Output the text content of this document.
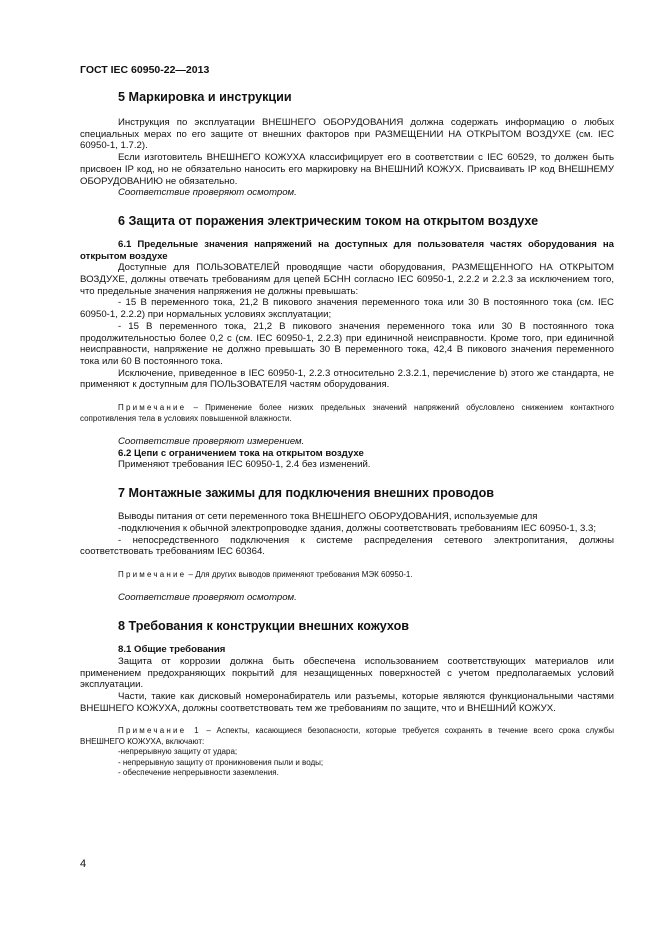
ГОСТ IEC 60950-22—2013
5 Маркировка и инструкции

Инструкция по эксплуатации ВНЕШНЕГО ОБОРУДОВАНИЯ должна содержать информацию о любых специальных мерах по его защите от внешних факторов при РАЗМЕЩЕНИИ НА ОТКРЫТОМ ВОЗДУХЕ (см. IEC 60950-1, 1.7.2).

Если изготовитель ВНЕШНЕГО КОЖУХА классифицирует его в соответствии с IEC 60529, то должен быть присвоен IP код, но не обязательно наносить его маркировку на ВНЕШНИЙ КОЖУХ. Присваивать IP код ВНЕШНЕМУ ОБОРУДОВАНИЮ не обязательно.

Соответствие проверяют осмотром.

6 Защита от поражения электрическим током на открытом воздухе
6.1 Предельные значения напряжений на доступных для пользователя частях оборудования на открытом воздухе

Доступные для ПОЛЬЗОВАТЕЛЕЙ проводящие части оборудования, РАЗМЕЩЕННОГО НА ОТКРЫТОМ ВОЗДУХЕ, должны отвечать требованиям для цепей БСНН согласно IEC 60950-1, 2.2.2 и 2.2.3 за исключением того, что предельные значения напряжения не должны превышать:

- 15 В переменного тока, 21,2 В пикового значения переменного тока или 30 В постоянного тока (см. IEC 60950-1, 2.2.2) при нормальных условиях эксплуатации;

- 15 В переменного тока, 21,2 В пикового значения переменного тока или 30 В постоянного тока продолжительностью более 0,2 с (см. IEC 60950-1, 2.2.3) при единичной неисправности. Кроме того, при единичной неисправности, напряжение не должно превышать 30 В переменного тока, 42,4 В пикового значения переменного тока или 60 В постоянного тока.

Исключение, приведенное в IEC 60950-1, 2.2.3 относительно 2.3.2.1, перечисление b) этого же стандарта, не применяют к доступным для ПОЛЬЗОВАТЕЛЯ частям оборудования.

Примечание – Применение более низких предельных значений напряжений обусловлено снижением контактного сопротивления тела в условиях повышенной влажности.

Соответствие проверяют измерением.

6.2 Цепи с ограничением тока на открытом воздухе

Применяют требования IEC 60950-1, 2.4 без изменений.

7 Монтажные зажимы для подключения внешних проводов

Выводы питания от сети переменного тока ВНЕШНЕГО ОБОРУДОВАНИЯ, используемые для

-подключения к обычной электропроводке здания, должны соответствовать требованиям IEC 60950-1, 3.3;

- непосредственного подключения к системе распределения сетевого электропитания, должны соответствовать требованиям IEC 60364.

Примечание – Для других выводов применяют требования МЭК 60950-1.

Соответствие проверяют осмотром.

8 Требования к конструкции внешних кожухов
8.1 Общие требования

Защита от коррозии должна быть обеспечена использованием соответствующих материалов или применением предохраняющих покрытий для незащищенных поверхностей с учетом предполагаемых условий эксплуатации.

Части, такие как дисковый номеронабиратель или разъемы, которые являются функциональными частями ВНЕШНЕГО КОЖУХА, должны соответствовать тем же требованиям по защите, что и ВНЕШНИЙ КОЖУХ.

Примечание 1 – Аспекты, касающиеся безопасности, которые требуется сохранять в течение всего срока службы ВНЕШНЕГО КОЖУХА, включают:

-непрерывную защиту от удара;

- непрерывную защиту от проникновения пыли и воды;

- обеспечение непрерывности заземления.

4
